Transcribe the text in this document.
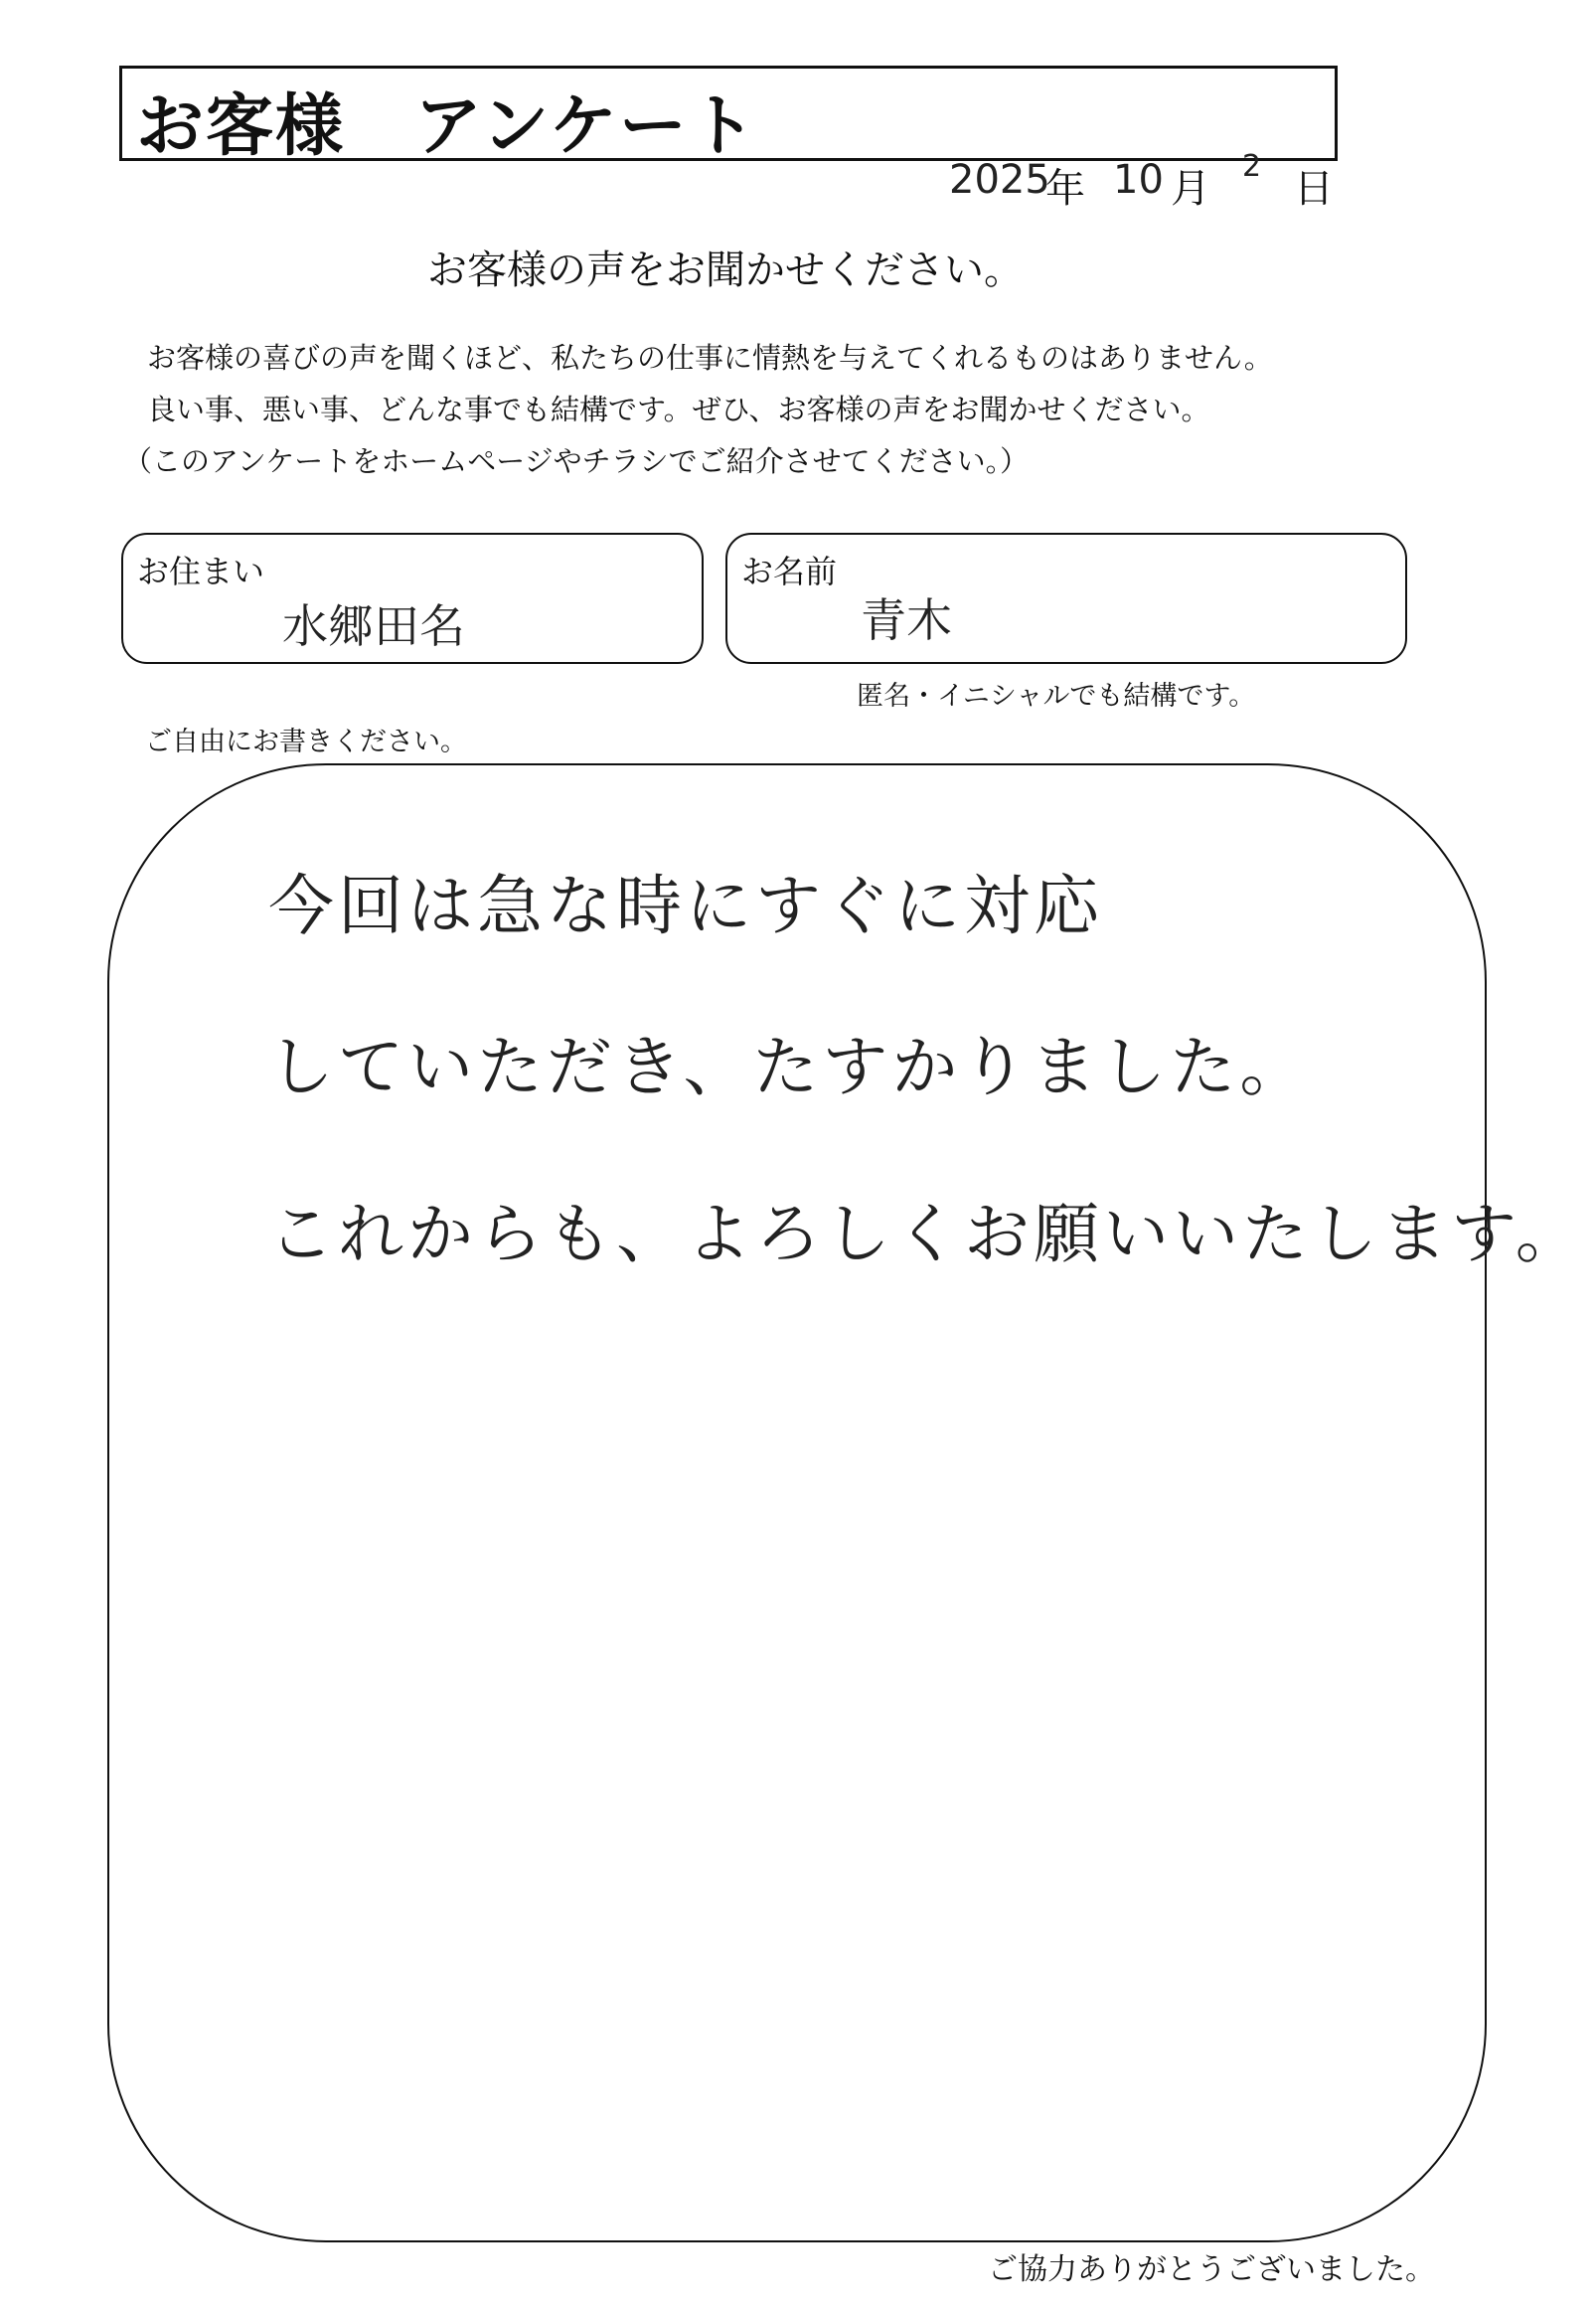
お客様　アンケート
2025
年 10 月 2 日
お客様の声をお聞かせください。
お客様の喜びの声を聞くほど、私たちの仕事に情熱を与えてくれるものはありません。
良い事、悪い事、どんな事でも結構です。ぜひ、お客様の声をお聞かせください。
（このアンケートをホームページやチラシでご紹介させてください。）
お住まい
水郷田名
お名前
青木
匿名・イニシャルでも結構です。
ご自由にお書きください。
今回は急な時にすぐに対応
していただき、たすかりました。
これからも、よろしくお願いいたします。
ご協力ありがとうございました。
